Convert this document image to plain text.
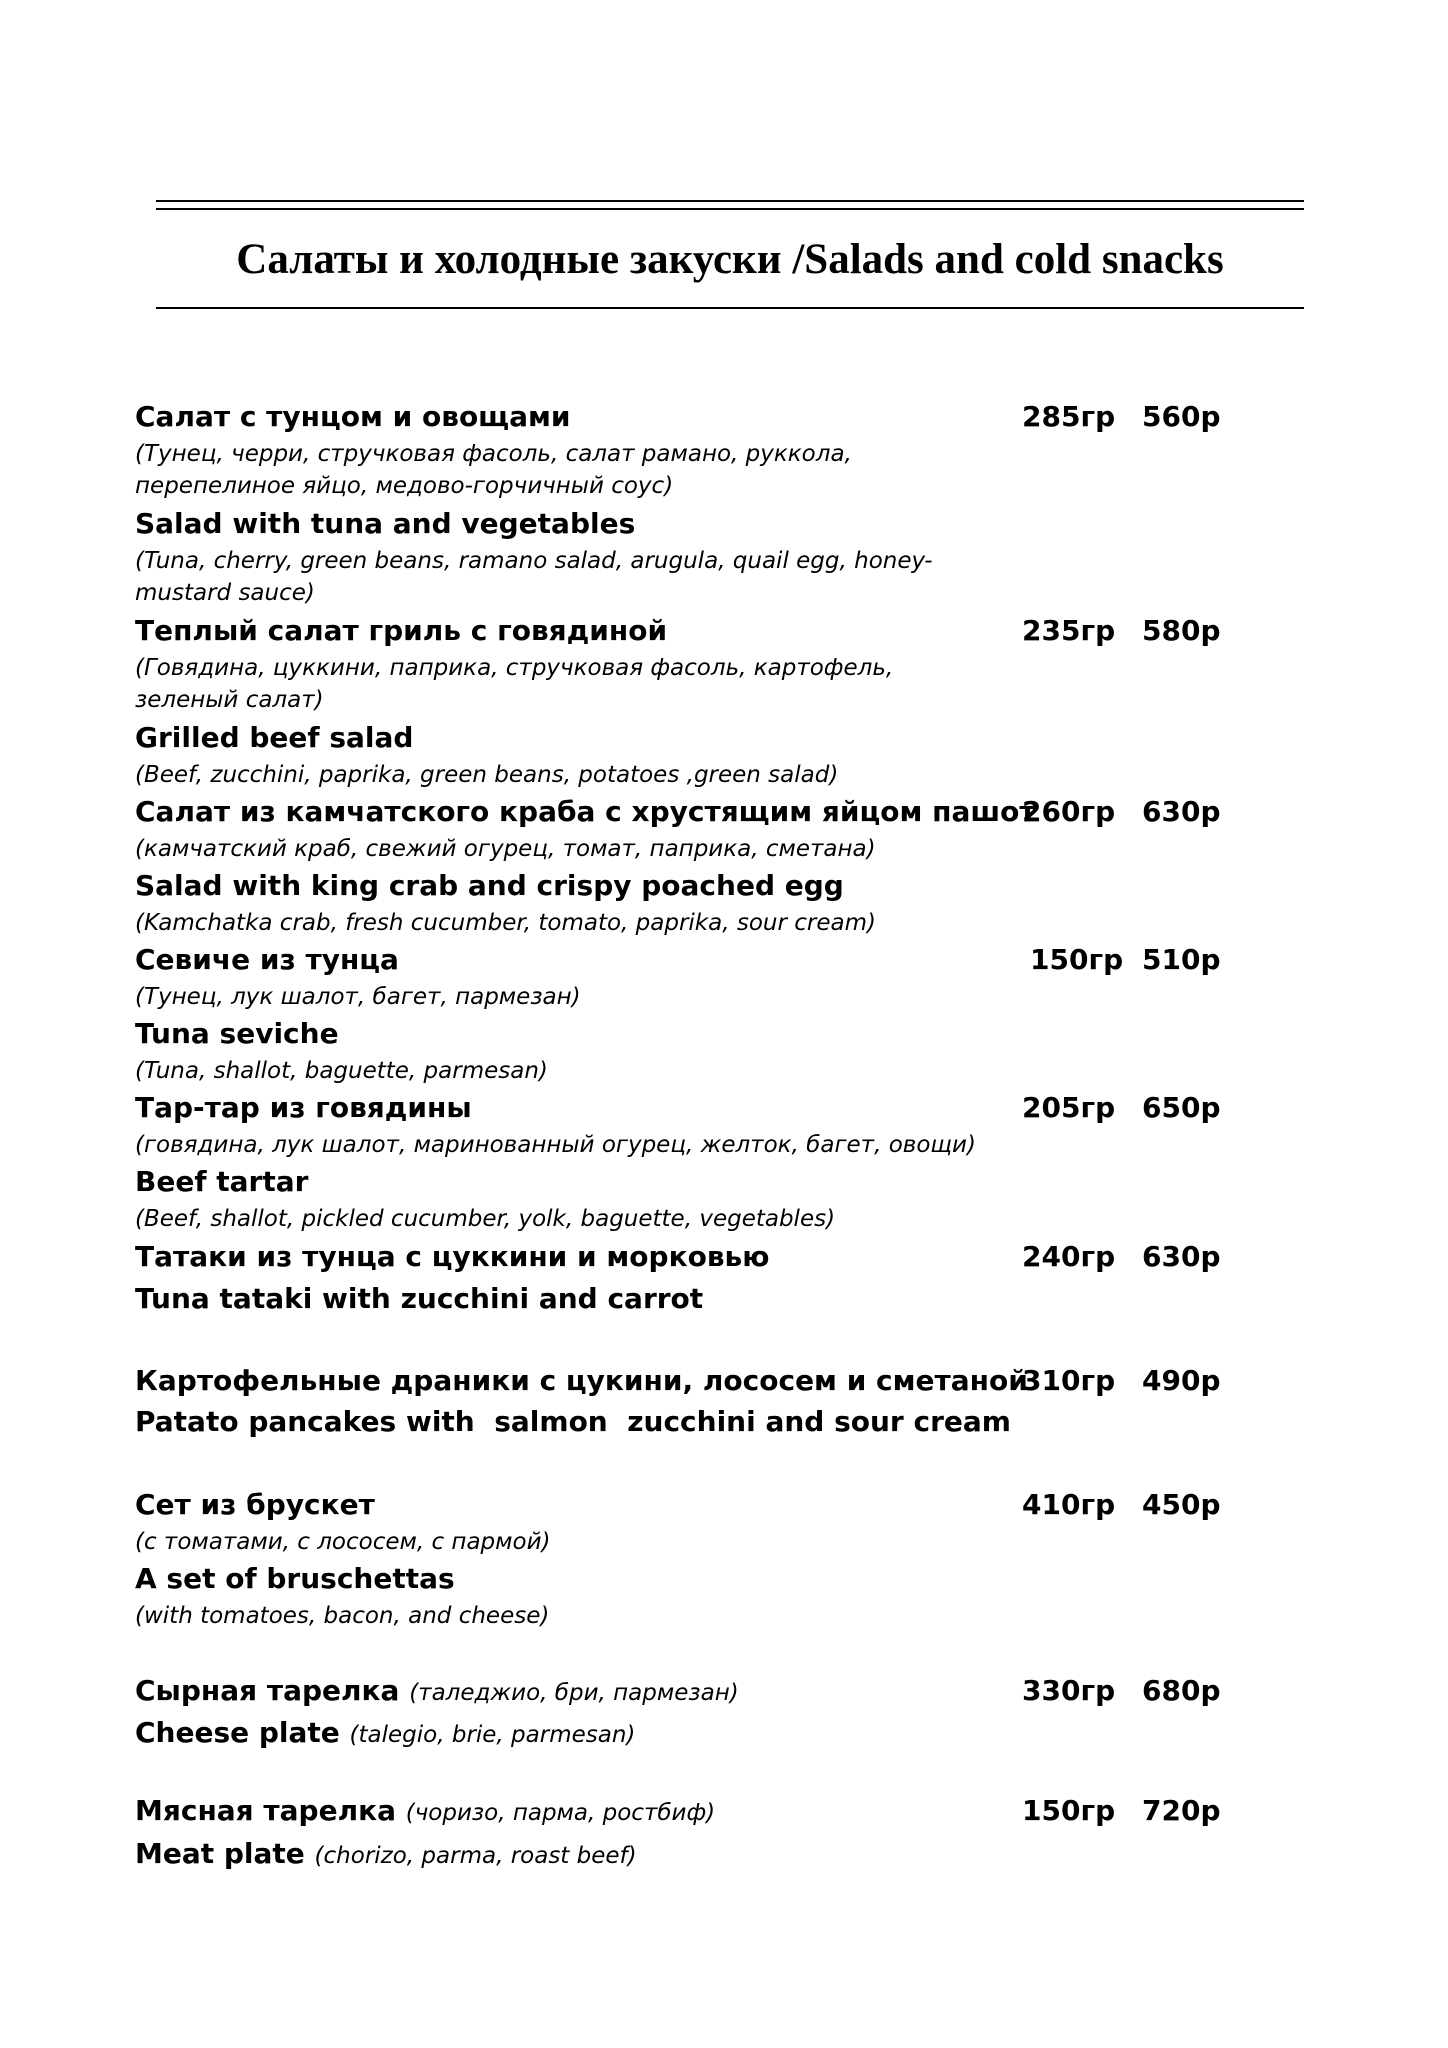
Салаты и холодные закуски /Salads and cold snacks
Салат с тунцом и овощами
(Тунец, черри, стручковая фасоль, салат рамано, руккола, перепелиное яйцо, медово-горчичный соус)
Salad with tuna and vegetables
(Tuna, cherry, green beans, ramano salad, arugula, quail egg, honey-mustard sauce)
285гр 560р
Теплый салат гриль с говядиной
(Говядина, цуккини, паприка, стручковая фасоль, картофель, зеленый салат)
Grilled beef salad
(Beef, zucchini, paprika, green beans, potatoes ,green salad)
235гр 580р
Салат из камчатского краба с хрустящим яйцом пашот
(камчатский краб, свежий огурец, томат, паприка, сметана)
Salad with king crab and crispy poached egg
(Kamchatka crab, fresh cucumber, tomato, paprika, sour cream)
260гр 630р
Севиче из тунца
(Тунец, лук шалот, багет, пармезан)
Tuna seviche
(Tuna, shallot, baguette, parmesan)
150гр 510р
Тар-тар из говядины
(говядина, лук шалот, маринованный огурец, желток, багет, овощи)
Beef tartar
(Beef, shallot, pickled cucumber, yolk, baguette, vegetables)
205гр 650р
Татаки из тунца с цуккини и морковью
Tuna tataki with zucchini and carrot
240гр 630р
Картофельные драники с цукини, лососем и сметаной
Patato pancakes with  salmon  zucchini and sour cream
310гр 490р
Сет из брускет
(с томатами, с лососем, с пармой)
A set of bruschettas
(with tomatoes, bacon, and cheese)
410гр 450р
Сырная тарелка (таледжио, бри, пармезан)
Cheese plate (talegio, brie, parmesan)
330гр 680р
Мясная тарелка (чоризо, парма, ростбиф)
Meat plate (chorizo, parma, roast beef)
150гр 720р
